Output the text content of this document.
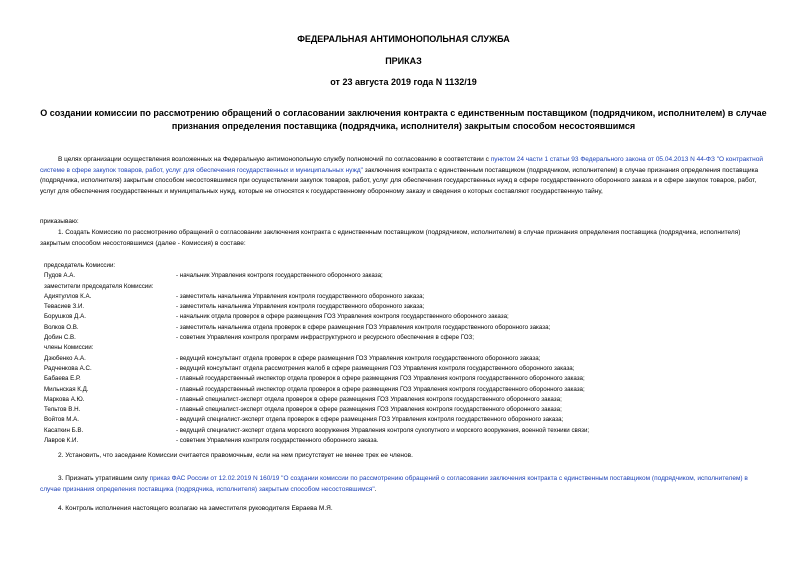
ФЕДЕРАЛЬНАЯ АНТИМОНОПОЛЬНАЯ СЛУЖБА
ПРИКАЗ
от 23 августа 2019 года N 1132/19
О создании комиссии по рассмотрению обращений о согласовании заключения контракта с единственным поставщиком (подрядчиком, исполнителем) в случае признания определения поставщика (подрядчика, исполнителя) закрытым способом несостоявшимся
В целях организации осуществления возложенных на Федеральную антимонопольную службу полномочий по согласованию в соответствии с пунктом 24 части 1 статьи 93 Федерального закона от 05.04.2013 N 44-ФЗ "О контрактной системе в сфере закупок товаров, работ, услуг для обеспечения государственных и муниципальных нужд" заключения контракта с единственным поставщиком (подрядчиком, исполнителем) в случае признания определения поставщика (подрядчика, исполнителя) закрытым способом несостоявшимся при осуществлении закупок товаров, работ, услуг для обеспечения государственных нужд в сфере государственного оборонного заказа и в сфере закупок товаров, работ, услуг для обеспечения государственных и муниципальных нужд, которые не относятся к государственному оборонному заказу и сведения о которых составляют государственную тайну,
приказываю:
1. Создать Комиссию по рассмотрению обращений о согласовании заключения контракта с единственным поставщиком (подрядчиком, исполнителем) в случае признания определения поставщика (подрядчика, исполнителя) закрытым способом несостоявшимся (далее - Комиссия) в составе:
председатель Комиссии:
Пудов А.А.	- начальник Управления контроля государственного оборонного заказа;
заместители председателя Комиссии:
Адиятуллов К.А.	- заместитель начальника Управления контроля государственного оборонного заказа;
Тевасиев З.И.	- заместитель начальника Управления контроля государственного оборонного заказа;
Борушков Д.А.	- начальник отдела проверок в сфере размещения ГОЗ Управления контроля государственного оборонного заказа;
Волков О.В.	- заместитель начальника отдела проверок в сфере размещения ГОЗ Управления контроля государственного оборонного заказа;
Добин С.В.	- советник Управления контроля программ инфраструктурного и ресурсного обеспечения в сфере ГОЗ;
члены Комиссии:
Дзюбенко А.А.	- ведущий консультант отдела проверок в сфере размещения ГОЗ Управления контроля государственного оборонного заказа;
Радченкова А.С.	- ведущий консультант отдела рассмотрения жалоб в сфере размещения ГОЗ Управления контроля государственного оборонного заказа;
Бабаева Е.Р.	- главный государственный инспектор отдела проверок в сфере размещения ГОЗ Управления контроля государственного оборонного заказа;
Мильнская К.Д.	- главный государственный инспектор отдела проверок в сфере размещения ГОЗ Управления контроля государственного оборонного заказа;
Маркова А.Ю.	- главный специалист-эксперт отдела проверок в сфере размещения ГОЗ Управления контроля государственного оборонного заказа;
Тельтов В.Н.	- главный специалист-эксперт отдела проверок в сфере размещения ГОЗ Управления контроля государственного оборонного заказа;
Войтов М.А.	- ведущий специалист-эксперт отдела проверок в сфере размещения ГОЗ Управления контроля государственного оборонного заказа;
Касаткин Б.В.	- ведущий специалист-эксперт отдела морского вооружения Управления контроля сухопутного и морского вооружения, военной техники связи;
Лавров К.И.	- советник Управления контроля государственного оборонного заказа.
2. Установить, что заседание Комиссии считается правомочным, если на нем присутствует не менее трех ее членов.
3. Признать утратившим силу приказ ФАС России от 12.02.2019 N 160/19 "О создании комиссии по рассмотрению обращений о согласовании заключения контракта с единственным поставщиком (подрядчиком, исполнителем) в случае признания определения поставщика (подрядчика, исполнителя) закрытым способом несостоявшимся".
4. Контроль исполнения настоящего возлагаю на заместителя руководителя Евраева М.Я.
